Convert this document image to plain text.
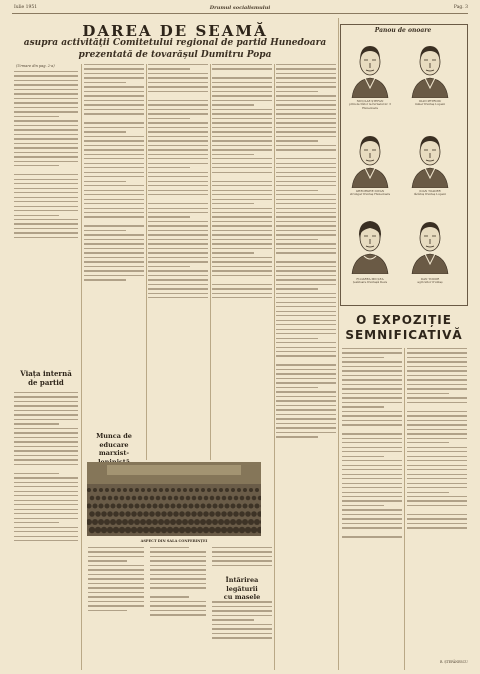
Iulie 1951	Drumul socialismului	Pag. 3
DAREA DE SEAMĂ
asupra activității Comitetului regional de partid Hunedoara
prezentată de tovarășul Dumitru Popa
(Urmare din pag. 2-a)
Viața internă
de partid
Munca de educare
marxist-
ASPECT DIN SALA CONFERINȚEI
Întărirea legăturii
cu masele
Panou de onoare
NICOLAE ȘTEFAN
prim-lucrător la furnalul nr. 3 Hunedoara
IOAN PETROIU
miner fruntaș Lupeni
GHEORGHE IOVAN
strungar fruntaș Hunedoara
IOAN TOADER
lăcătuș fruntaș Lupeni
FLOAREA MICLEA
țesătoare fruntașă Deva
DAN TODOR
agricultor fruntaș
O EXPOZIȚIE
SEMNIFICATIVĂ
R. ȘTEFĂNESCU
